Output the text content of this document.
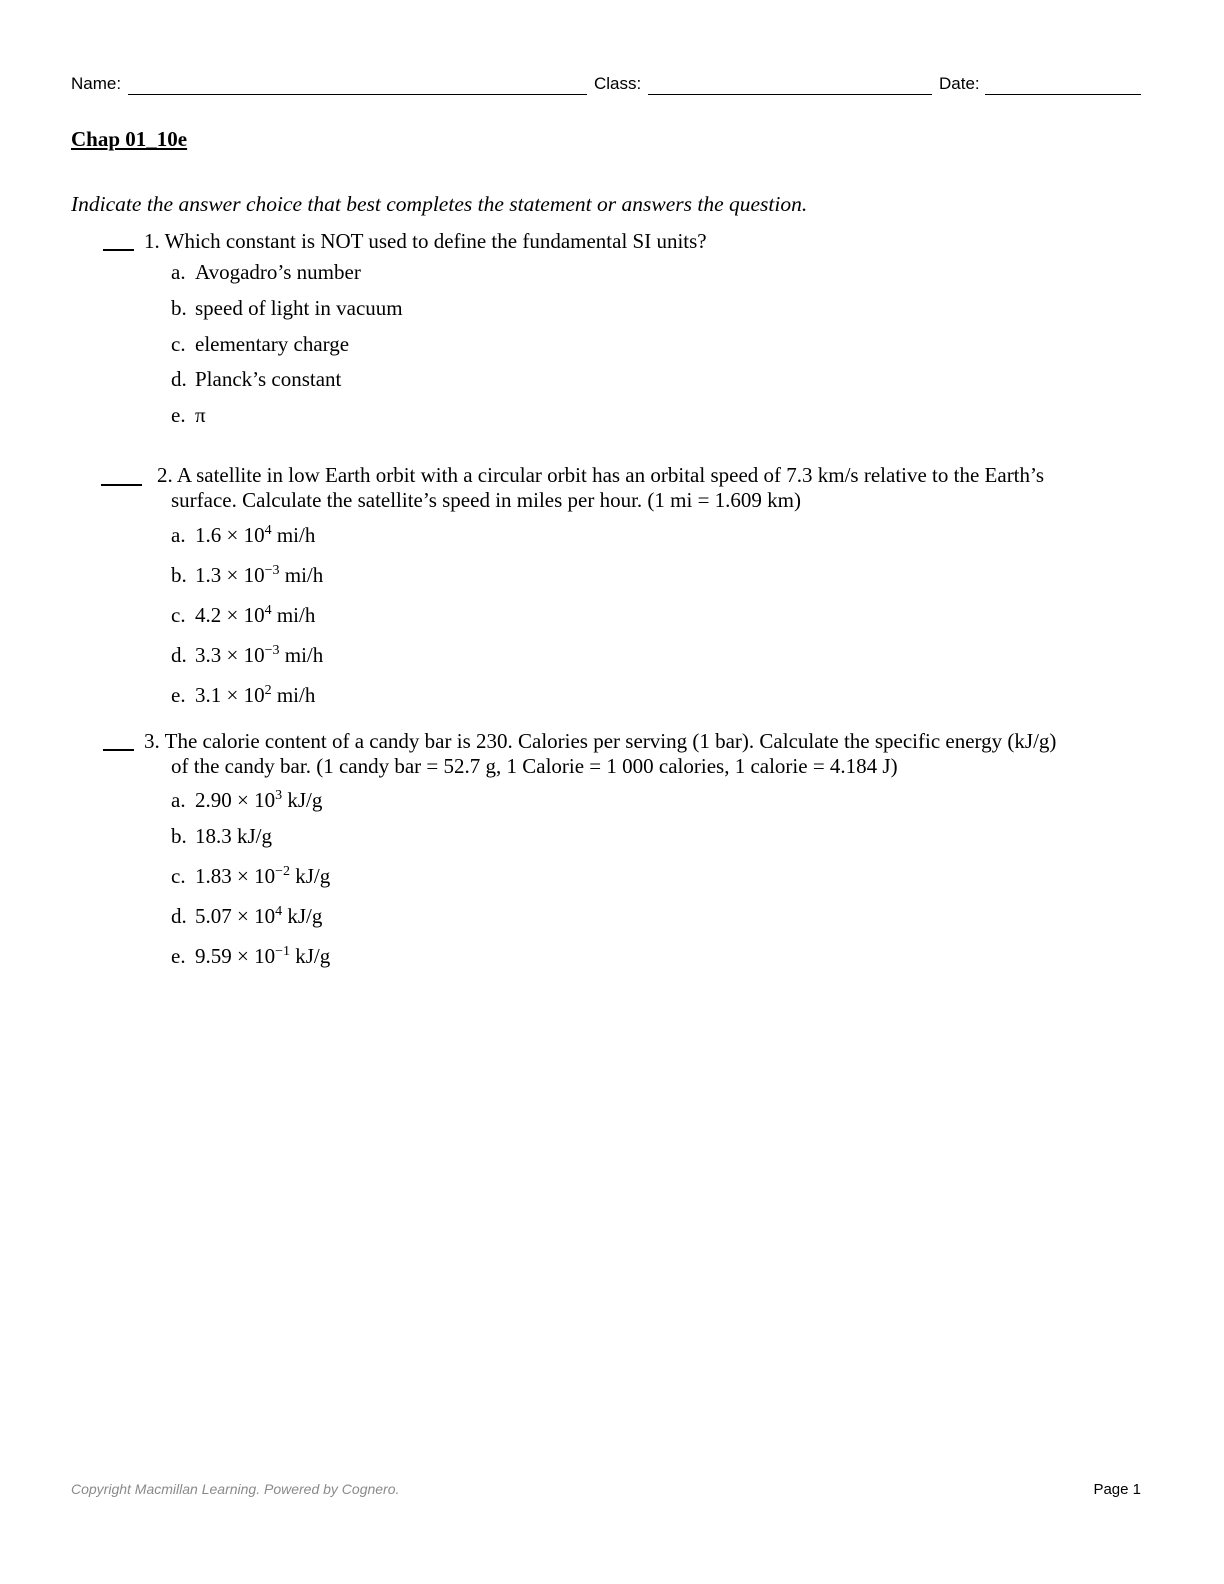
Name:	Class:	Date:
Chap 01_10e
Indicate the answer choice that best completes the statement or answers the question.
1. Which constant is NOT used to define the fundamental SI units?
a. Avogadro’s number
b. speed of light in vacuum
c. elementary charge
d. Planck’s constant
e. π
2. A satellite in low Earth orbit with a circular orbit has an orbital speed of 7.3 km/s relative to the Earth’s
surface. Calculate the satellite’s speed in miles per hour. (1 mi = 1.609 km)
a. $1.6 \times 10^4$ mi/h
b. $1.3 \times 10^{-3}$ mi/h
c. $4.2 \times 10^4$ mi/h
d. $3.3 \times 10^{-3}$ mi/h
e. $3.1 \times 10^2$ mi/h
3. The calorie content of a candy bar is 230. Calories per serving (1 bar). Calculate the specific energy (kJ/g)
of the candy bar. (1 candy bar = 52.7 g, 1 Calorie = 1 000 calories, 1 calorie = 4.184 J)
a. $2.90 \times 10^3$ kJ/g
b. 18.3 kJ/g
c. $1.83 \times 10^{-2}$ kJ/g
d. $5.07 \times 10^4$ kJ/g
e. $9.59 \times 10^{-1}$ kJ/g
Copyright Macmillan Learning. Powered by Cognero.	Page 1
